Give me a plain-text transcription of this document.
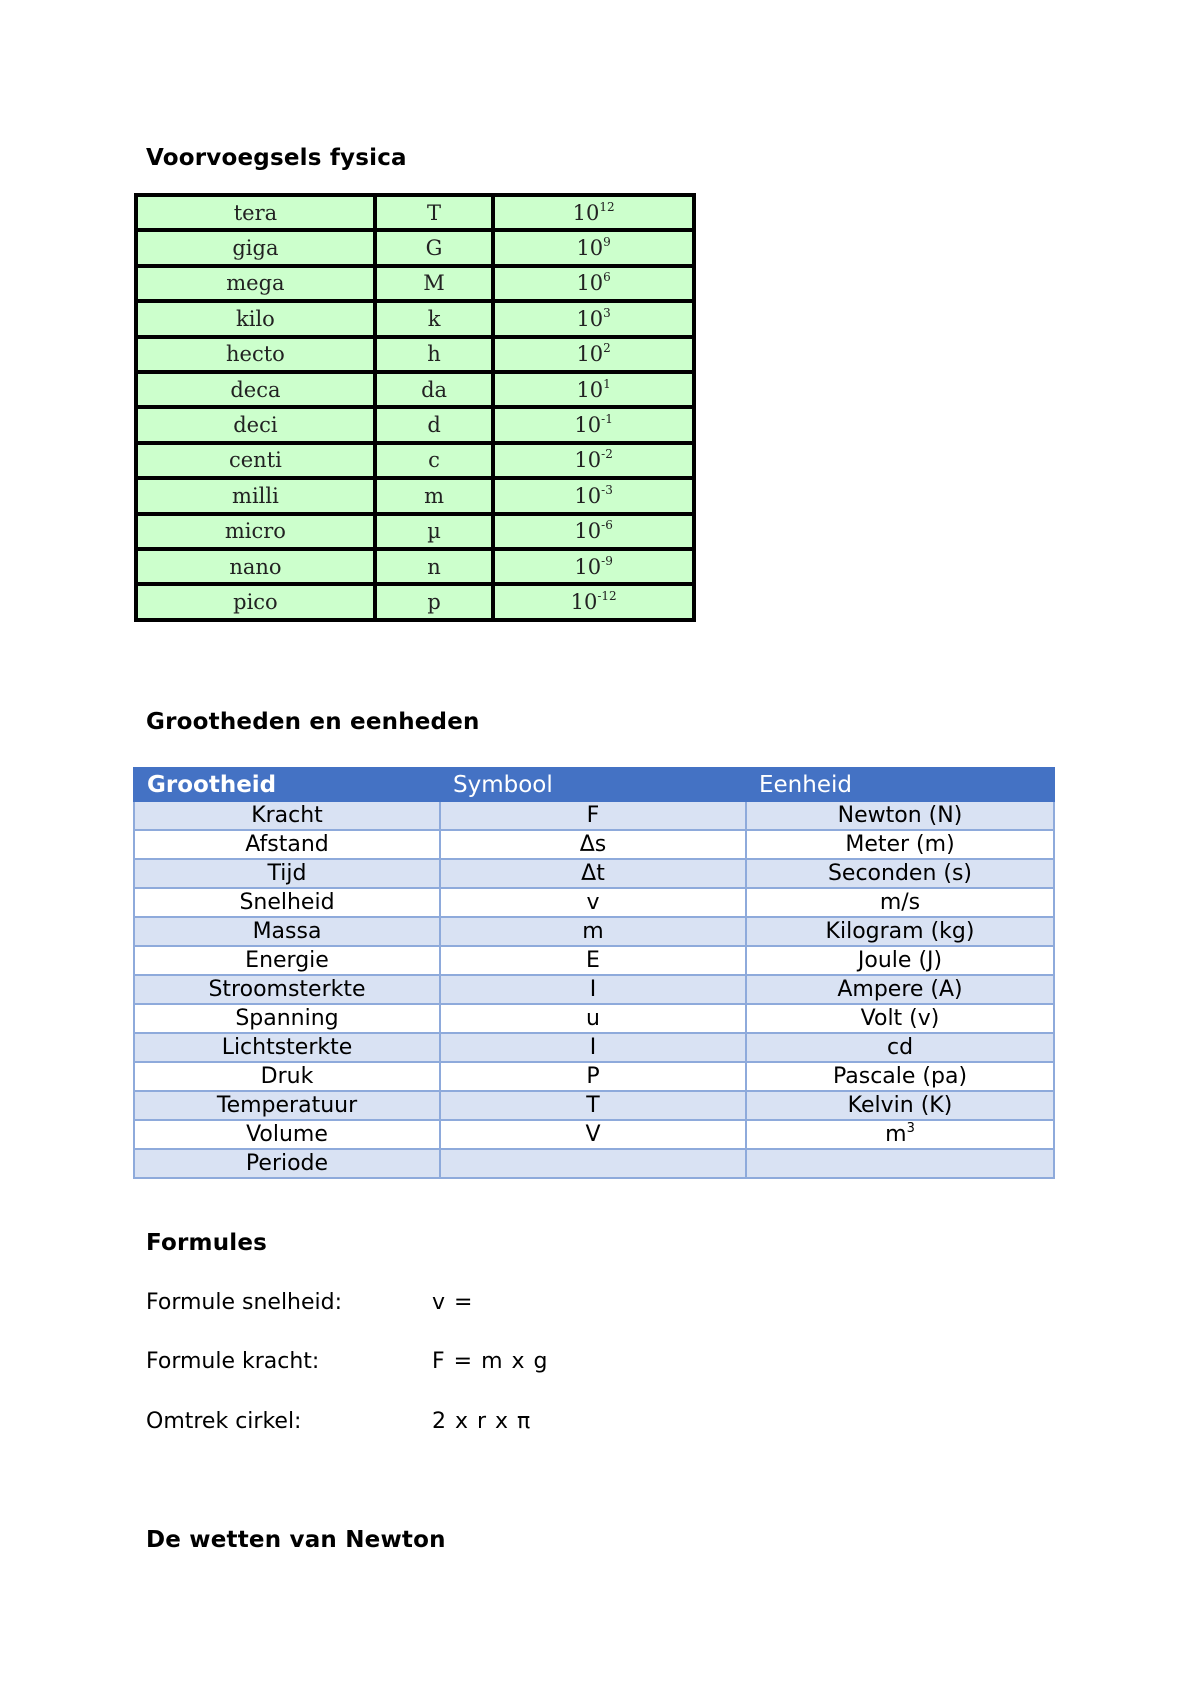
Voorvoegsels fysica
tera	T	$10^{12}$
giga	G	$10^9$
mega	M	$10^6$
kilo	k	$10^3$
hecto	h	$10^2$
deca	da	$10^1$
deci	d	$10^{-1}$
centi	c	$10^{-2}$
milli	m	$10^{-3}$
micro	µ	$10^{-6}$
nano	n	$10^{-9}$
pico	p	$10^{-12}$
Grootheden en eenheden
Grootheid	Symbool	Eenheid
Kracht	F	Newton (N)
Afstand	Δs	Meter (m)
Tijd	Δt	Seconden (s)
Snelheid	v	m/s
Massa	m	Kilogram (kg)
Energie	E	Joule (J)
Stroomsterkte	I	Ampere (A)
Spanning	u	Volt (v)
Lichtsterkte	I	cd
Druk	P	Pascale (pa)
Temperatuur	T	Kelvin (K)
Volume	V	$m^3$
Periode		
Formules
Formule snelheid:	v =
Formule kracht:	F = m x g
Omtrek cirkel:	2 x r x π
De wetten van Newton
